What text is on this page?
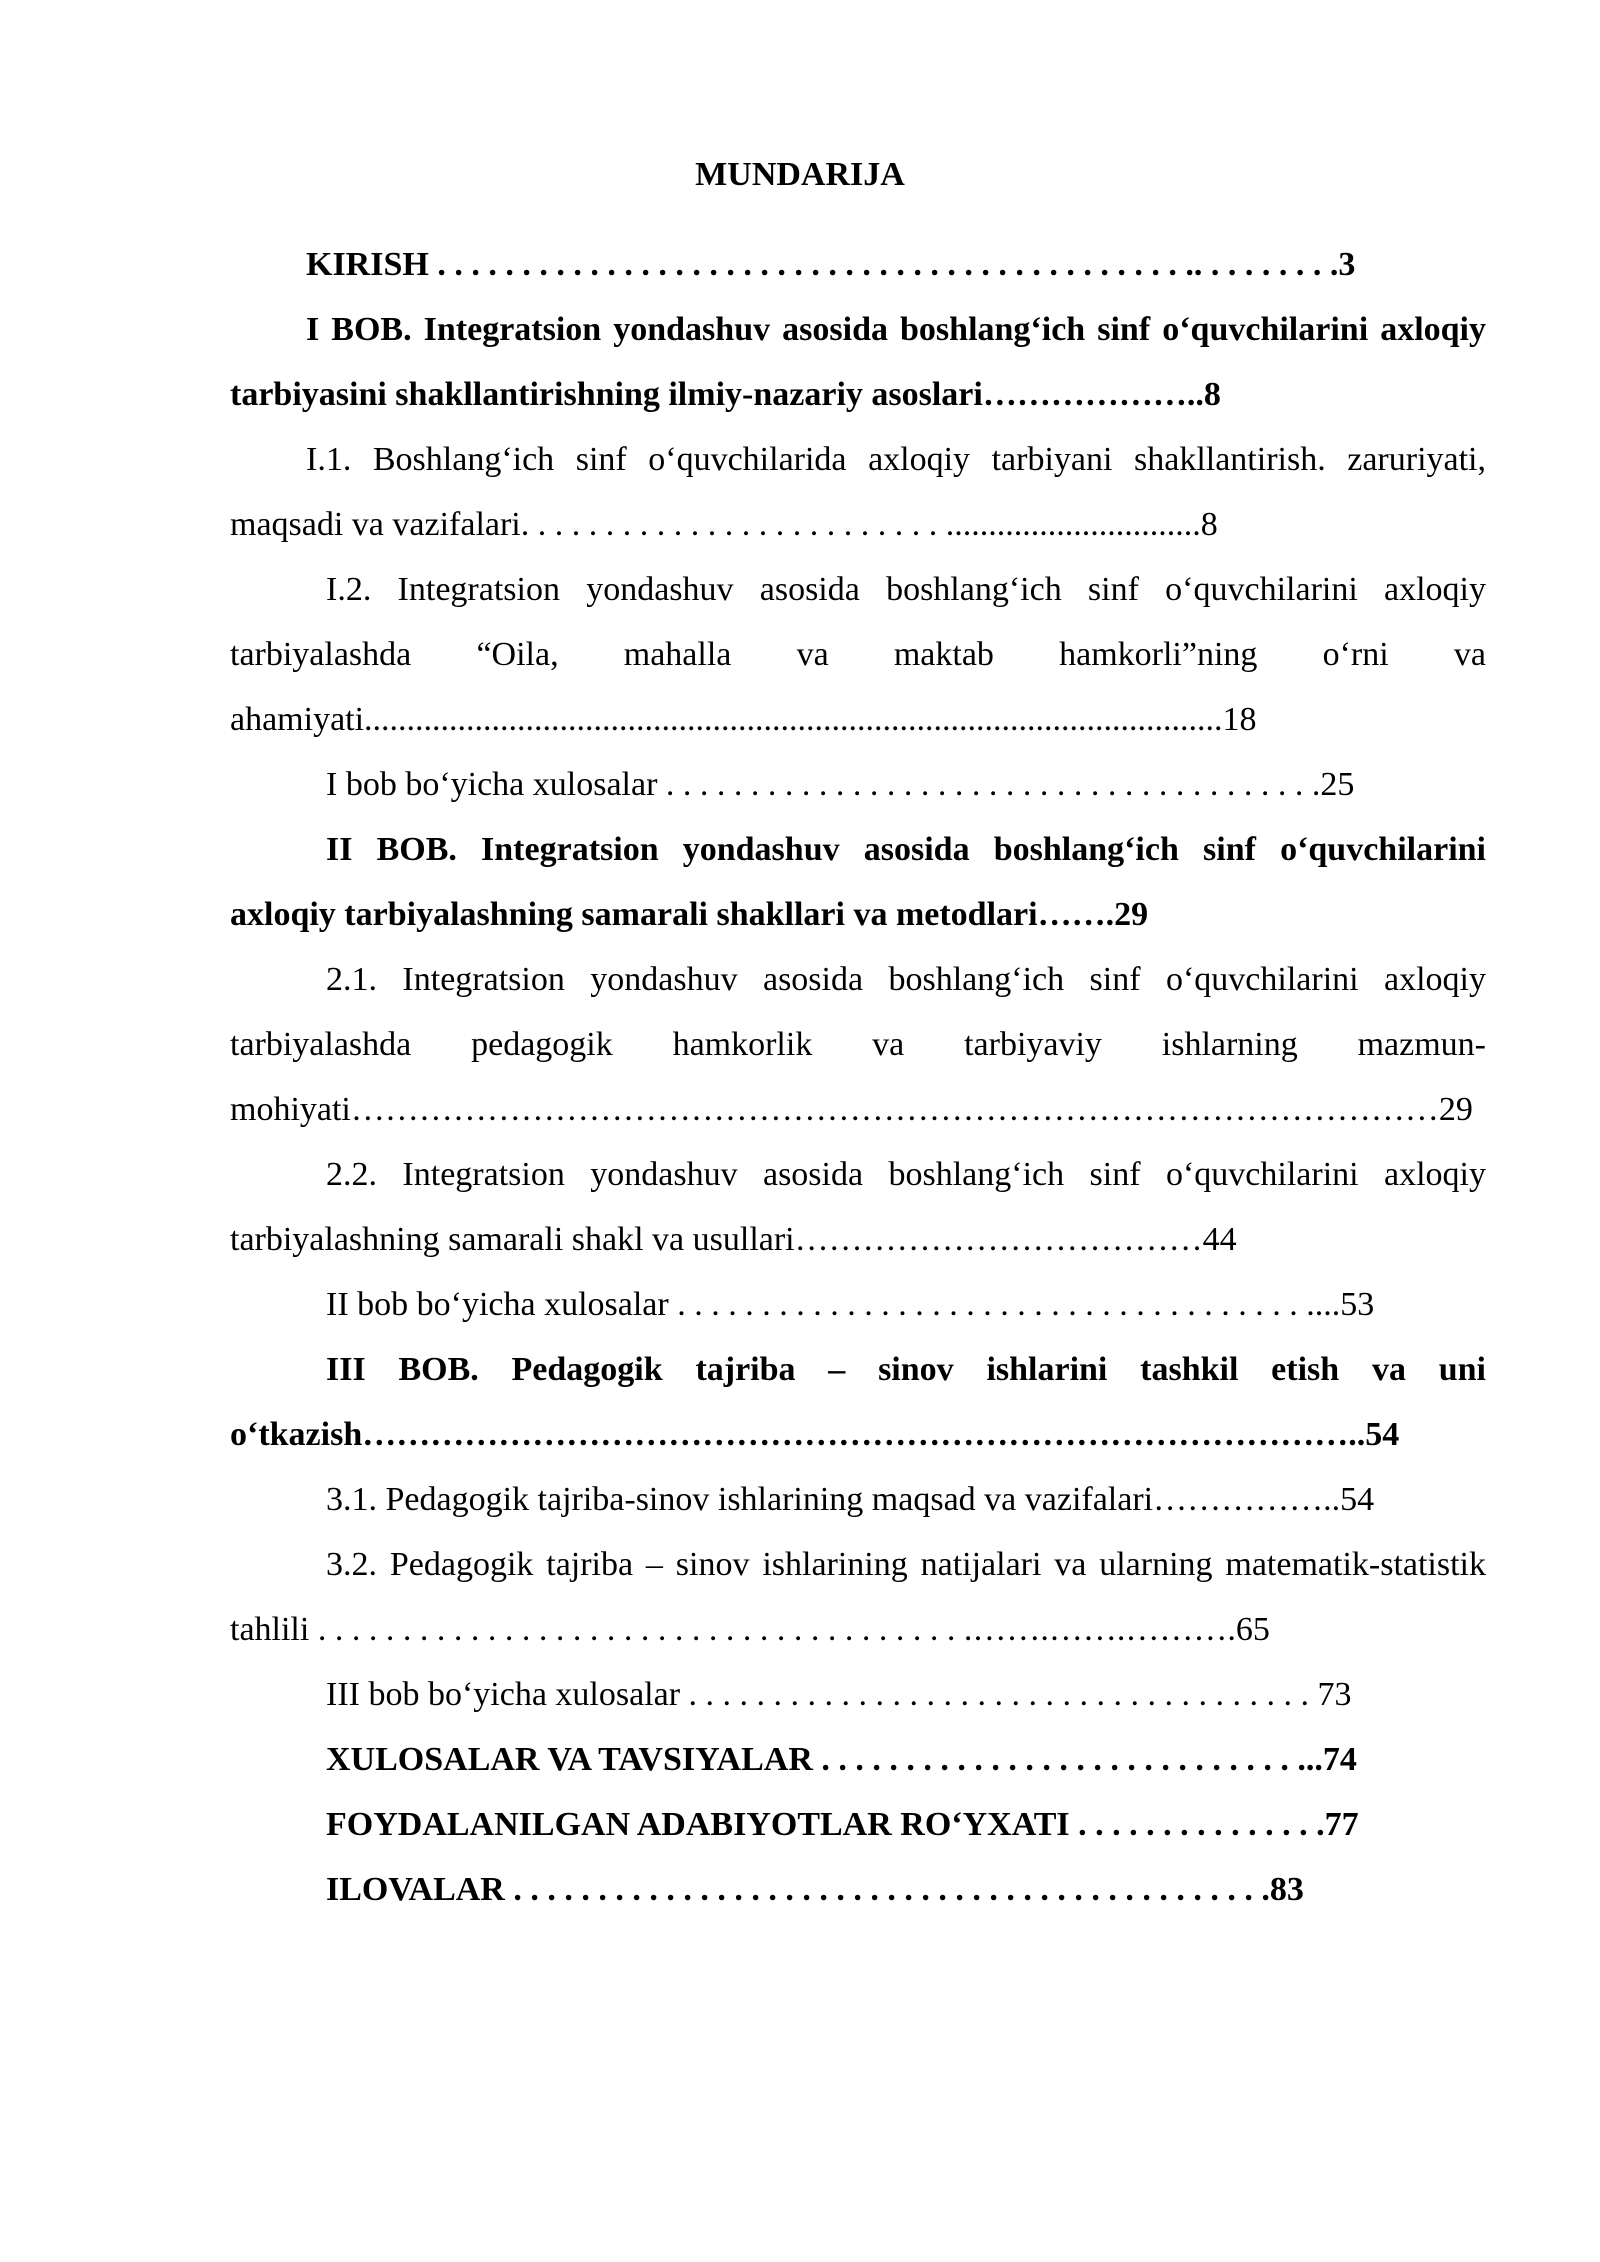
MUNDARIJA

KIRISH . . . . . . . . . . . . . . . . . . . . . . . . . . . . . . . . . . . . . . . . . . . . .. . . . . . . . .3

I BOB. Integratsion yondashuv asosida boshlang‘ich sinf o‘quvchilarini axloqiy tarbiyasini shakllantirishning ilmiy-nazariy asoslari………………..8

I.1. Boshlang‘ich sinf o‘quvchilarida axloqiy tarbiyani shakllantirish. zaruriyati, maqsadi va vazifalari. . . . . . . . . . . . . . . . . . . . . . . . . ..............................8

I.2. Integratsion yondashuv asosida boshlang‘ich sinf o‘quvchilarini axloqiy tarbiyalashda “Oila, mahalla va maktab hamkorli”ning o‘rni va ahamiyati.....................................................................................................18

I bob bo‘yicha xulosalar . . . . . . . . . . . . . . . . . . . . . . . . . . . . . . . . . . . . . . .25

II BOB. Integratsion yondashuv asosida boshlang‘ich sinf o‘quvchilarini axloqiy tarbiyalashning samarali shakllari va metodlari…….29

2.1. Integratsion yondashuv asosida boshlang‘ich sinf o‘quvchilarini axloqiy tarbiyalashda pedagogik hamkorlik va tarbiyaviy ishlarning mazmun-mohiyati……………………………………………………………………………………29

2.2. Integratsion yondashuv asosida boshlang‘ich sinf o‘quvchilarini axloqiy tarbiyalashning samarali shakl va usullari………………………………44

II bob bo‘yicha xulosalar . . . . . . . . . . . . . . . . . . . . . . . . . . . . . . . . . . . . . ....53

III BOB. Pedagogik tajriba – sinov ishlarini tashkil etish va uni o‘tkazish……………………………………………………………………………..54

3.1. Pedagogik tajriba-sinov ishlarining maqsad va vazifalari……………..54

3.2. Pedagogik tajriba – sinov ishlarining natijalari va ularning matematik-statistik tahlili . . . . . . . . . . . . . . . . . . . . . . . . . . . . . . . . . . . . . . .…….…….……….65

III bob bo‘yicha xulosalar . . . . . . . . . . . . . . . . . . . . . . . . . . . . . . . . . . . . . 73

XULOSALAR VA TAVSIYALAR . . . . . . . . . . . . . . . . . . . . . . . . . . . . ...74

FOYDALANILGAN ADABIYOTLAR RO‘YXATI . . . . . . . . . . . . . . .77

ILOVALAR . . . . . . . . . . . . . . . . . . . . . . . . . . . . . . . . . . . . . . . . . . . . .83
